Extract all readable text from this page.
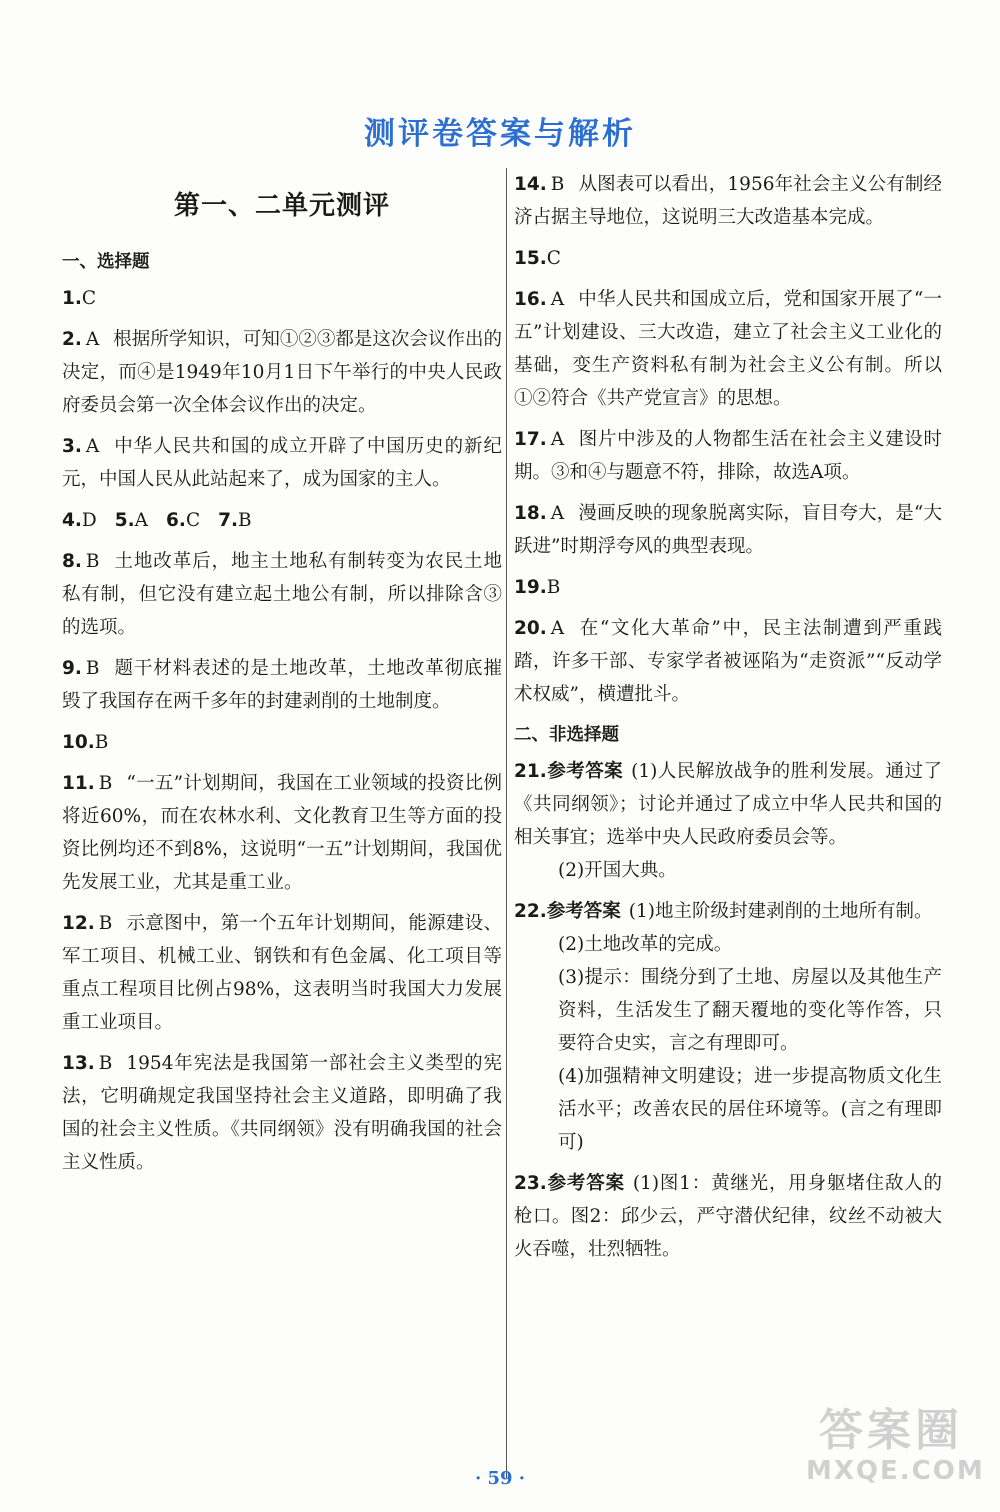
测评卷答案与解析
第一、二单元测评
一、选择题
1.C
2. A 根据所学知识，可知①②③都是这次会议作出的决定，而④是1949年10月1日下午举行的中央人民政府委员会第一次全体会议作出的决定。
3. A 中华人民共和国的成立开辟了中国历史的新纪元，中国人民从此站起来了，成为国家的主人。
4.D 5.A 6.C 7.B
8. B 土地改革后，地主土地私有制转变为农民土地私有制，但它没有建立起土地公有制，所以排除含③的选项。
9. B 题干材料表述的是土地改革，土地改革彻底摧毁了我国存在两千多年的封建剥削的土地制度。
10.B
11. B “一五”计划期间，我国在工业领域的投资比例将近60%，而在农林水利、文化教育卫生等方面的投资比例均还不到8%，这说明“一五”计划期间，我国优先发展工业，尤其是重工业。
12. B 示意图中，第一个五年计划期间，能源建设、军工项目、机械工业、钢铁和有色金属、化工项目等重点工程项目比例占98%，这表明当时我国大力发展重工业项目。
13. B 1954年宪法是我国第一部社会主义类型的宪法，它明确规定我国坚持社会主义道路，即明确了我国的社会主义性质。《共同纲领》没有明确我国的社会主义性质。
14. B 从图表可以看出，1956年社会主义公有制经济占据主导地位，这说明三大改造基本完成。
15.C
16. A 中华人民共和国成立后，党和国家开展了“一五”计划建设、三大改造，建立了社会主义工业化的基础，变生产资料私有制为社会主义公有制。所以①②符合《共产党宣言》的思想。
17. A 图片中涉及的人物都生活在社会主义建设时期。③和④与题意不符，排除，故选A项。
18. A 漫画反映的现象脱离实际，盲目夸大，是“大跃进”时期浮夸风的典型表现。
19.B
20. A 在“文化大革命”中，民主法制遭到严重践踏，许多干部、专家学者被诬陷为“走资派”“反动学术权威”，横遭批斗。
二、非选择题

21.参考答案 (1)人民解放战争的胜利发展。通过了《共同纲领》；讨论并通过了成立中华人民共和国的相关事宜；选举中央人民政府委员会等。

(2)开国大典。

22.参考答案 (1)地主阶级封建剥削的土地所有制。

(2)土地改革的完成。

(3)提示：围绕分到了土地、房屋以及其他生产资料，生活发生了翻天覆地的变化等作答，只要符合史实，言之有理即可。

(4)加强精神文明建设；进一步提高物质文化生活水平；改善农民的居住环境等。(言之有理即可)

23.参考答案 (1)图1：黄继光，用身躯堵住敌人的枪口。图2：邱少云，严守潜伏纪律，纹丝不动被大火吞噬，壮烈牺牲。

· 59 ·
答案圈
MXQE.COM
